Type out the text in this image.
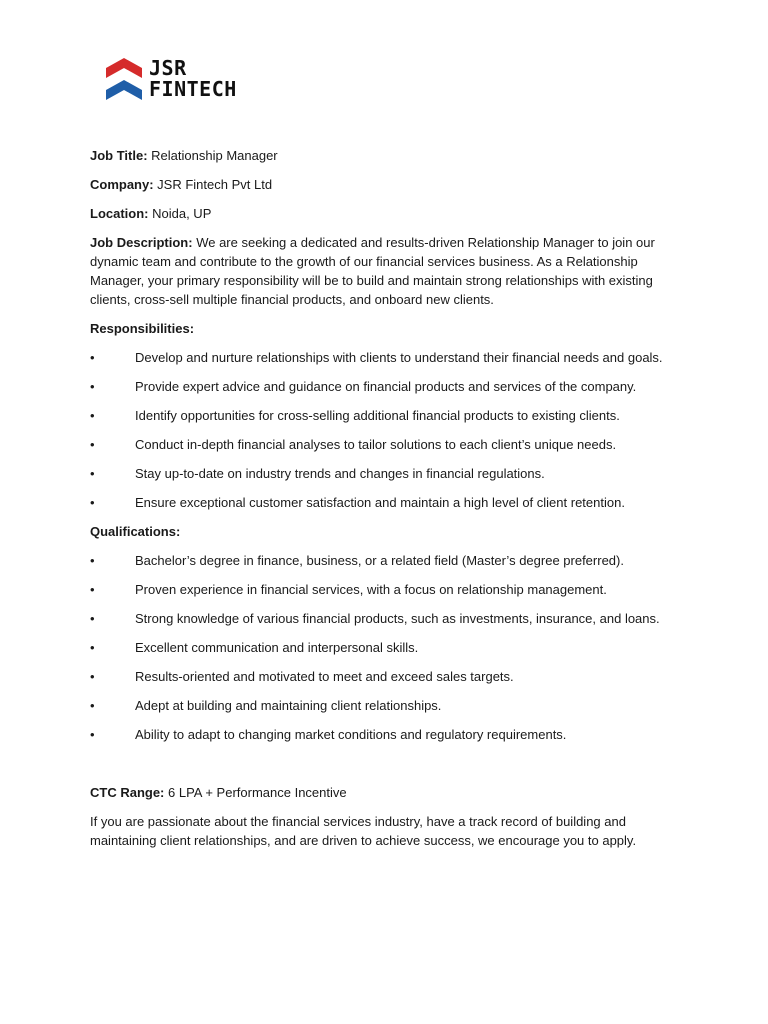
JSR
FINTECH

Job Title: Relationship Manager

Company: JSR Fintech Pvt Ltd

Location: Noida, UP

Job Description: We are seeking a dedicated and results-driven Relationship Manager to join our dynamic team and contribute to the growth of our financial services business. As a Relationship Manager, your primary responsibility will be to build and maintain strong relationships with existing clients, cross-sell multiple financial products, and onboard new clients.

Responsibilities:

•	Develop and nurture relationships with clients to understand their financial needs and goals.
•	Provide expert advice and guidance on financial products and services of the company.
•	Identify opportunities for cross-selling additional financial products to existing clients.
•	Conduct in-depth financial analyses to tailor solutions to each client’s unique needs.
•	Stay up-to-date on industry trends and changes in financial regulations.
•	Ensure exceptional customer satisfaction and maintain a high level of client retention.

Qualifications:

•	Bachelor’s degree in finance, business, or a related field (Master’s degree preferred).
•	Proven experience in financial services, with a focus on relationship management.
•	Strong knowledge of various financial products, such as investments, insurance, and loans.
•	Excellent communication and interpersonal skills.
•	Results-oriented and motivated to meet and exceed sales targets.
•	Adept at building and maintaining client relationships.
•	Ability to adapt to changing market conditions and regulatory requirements.

CTC Range: 6 LPA + Performance Incentive

If you are passionate about the financial services industry, have a track record of building and maintaining client relationships, and are driven to achieve success, we encourage you to apply.
